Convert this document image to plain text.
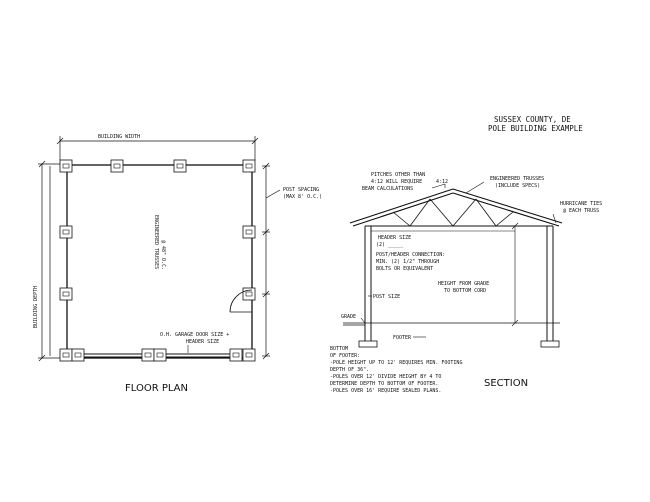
SUSSEX COUNTY, DE
POLE BUILDING EXAMPLE
BUILDING WIDTH
BUILDING DEPTH
POST SPACING
(MAX 8' O.C.)
ENGINEERED TRUSSES @ 48" O.C.
O.H. GARAGE DOOR SIZE +
HEADER SIZE
FLOOR PLAN
4:12
PITCHES OTHER THAN
4:12 WILL REQUIRE
BEAM CALCULATIONS
ENGINEERED TRUSSES
(INCLUDE SPECS)
HURRICANE TIES
@ EACH TRUSS
HEADER SIZE
(2) _____
POST/HEADER CONNECTION:
MIN. (2) 1/2" THROUGH
BOLTS OR EQUIVALENT
HEIGHT FROM GRADE
TO BOTTOM CORD
POST SIZE
GRADE
FOOTER
BOTTOM
OF FOOTER:
-POLE HEIGHT UP TO 12' REQUIRES MIN. FOOTING
DEPTH OF 36".
-POLES OVER 12' DIVIDE HEIGHT BY 4 TO
DETERMINE DEPTH TO BOTTOM OF FOOTER.
-POLES OVER 16' REQUIRE SEALED PLANS.
SECTION
